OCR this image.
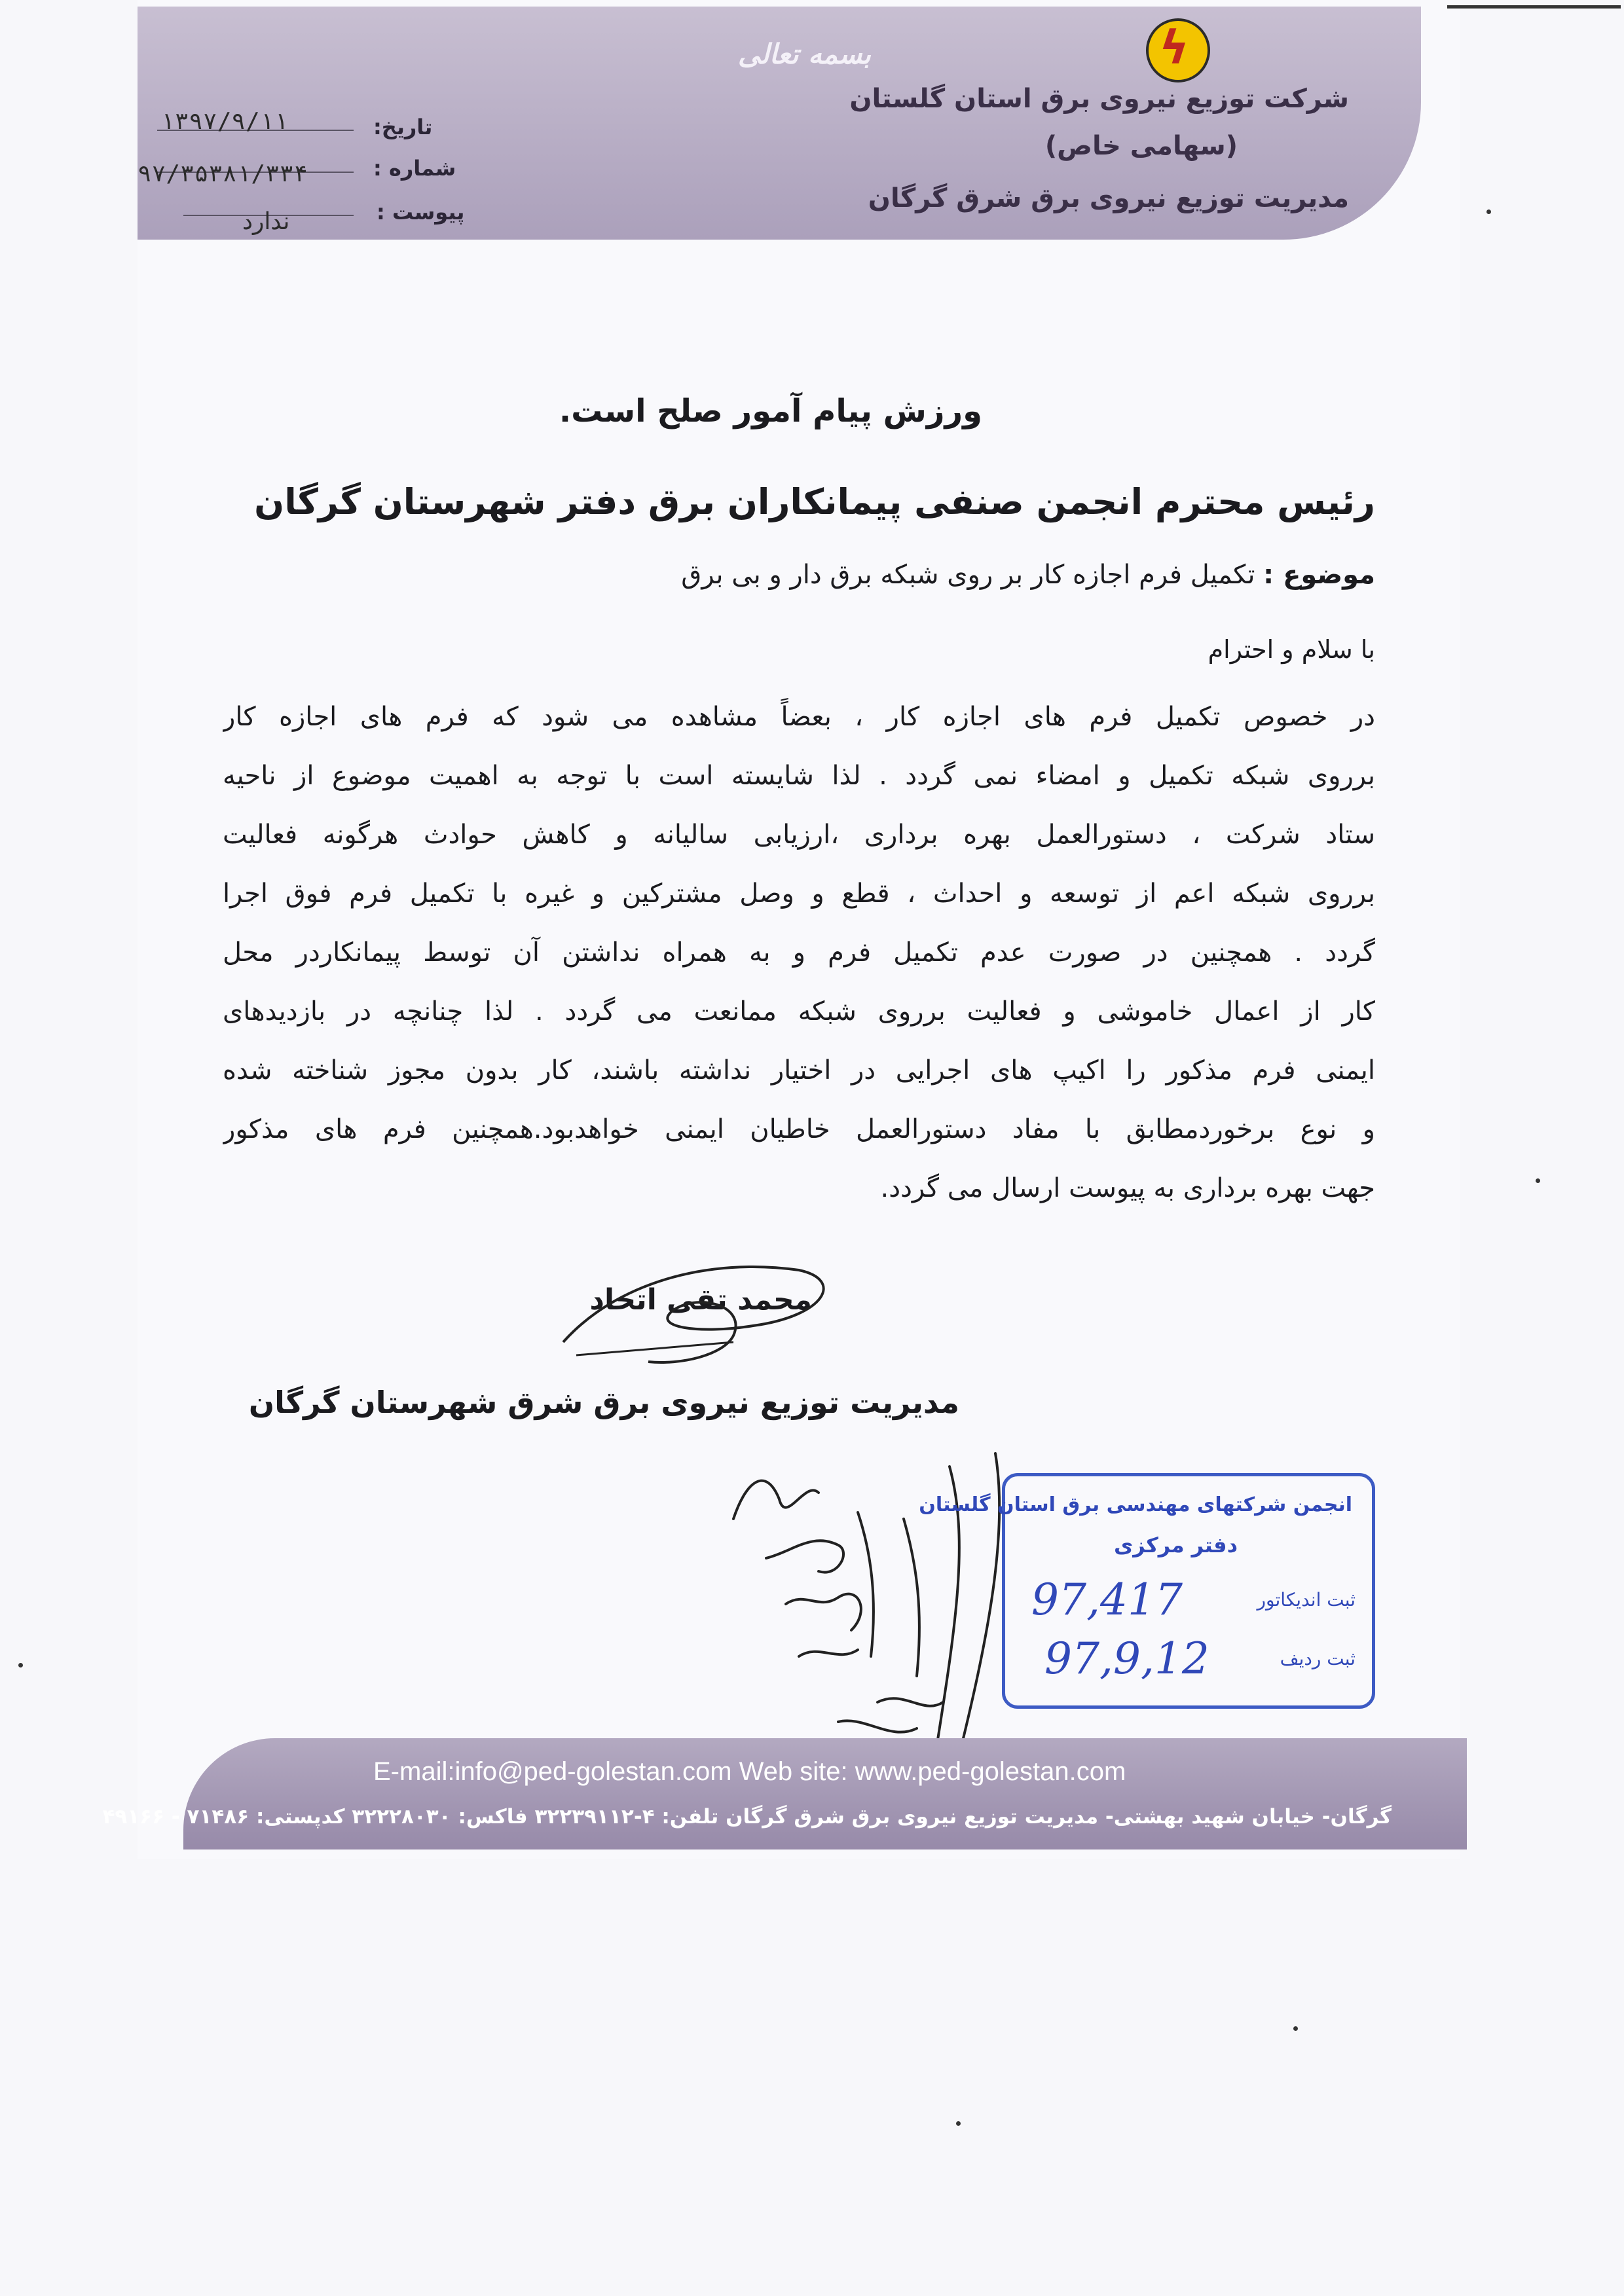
ϟ
بسمه تعالی
شرکت توزیع نیروی برق استان گلستان
(سهامی خاص)
مدیریت توزیع نیروی برق شرق گرگان
تاریخ:
۱۳۹۷/۹/۱۱
شماره :
۹۷/۳۵۳۸۱/۳۳۴
پیوست :
ندارد
ورزش پیام آمور صلح است.
رئیس محترم انجمن صنفی پیمانکاران برق دفتر شهرستان گرگان
موضوع : تکمیل فرم اجازه کار بر روی شبکه برق دار و بی برق
با سلام و احترام
در خصوص تکمیل فرم های اجازه کار ، بعضاً مشاهده می شود که فرم های اجازه کار
برروی شبکه تکمیل و امضاء نمی گردد . لذا شایسته است با توجه به اهمیت موضوع از ناحیه
ستاد شرکت ، دستورالعمل بهره برداری ،ارزیابی سالیانه و کاهش حوادث هرگونه فعالیت
برروی شبکه اعم از توسعه و احداث ، قطع و وصل مشترکین و غیره با تکمیل فرم فوق اجرا
گردد . همچنین در صورت عدم تکمیل فرم و به همراه نداشتن آن توسط پیمانکاردر محل
کار از اعمال خاموشی و فعالیت برروی شبکه ممانعت می گردد . لذا چنانچه در بازدیدهای
ایمنی فرم مذکور را اکیپ های اجرایی در اختیار نداشته باشند، کار بدون مجوز شناخته شده
و نوع برخوردمطابق با مفاد دستورالعمل خاطیان ایمنی خواهدبود.همچنین فرم های مذکور
جهت بهره برداری به پیوست ارسال می گردد.
محمد تقی اتحاد
مدیریت توزیع نیروی برق شرق شهرستان گرگان
انجمن شرکتهای مهندسی برق استان گلستان
دفتر مرکزی
ثبت اندیکاتور
ثبت ردیف
97,417
97,9,12
E-mail:info@ped-golestan.com Web site: www.ped-golestan.com
گرگان- خیابان شهید بهشتی- مدیریت توزیع نیروی برق شرق گرگان تلفن: ۴-۳۲۲۳۹۱۱۲ فاکس: ۳۲۲۲۸۰۳۰ کدپستی: ۷۱۴۸۶ - ۴۹۱۶۶
